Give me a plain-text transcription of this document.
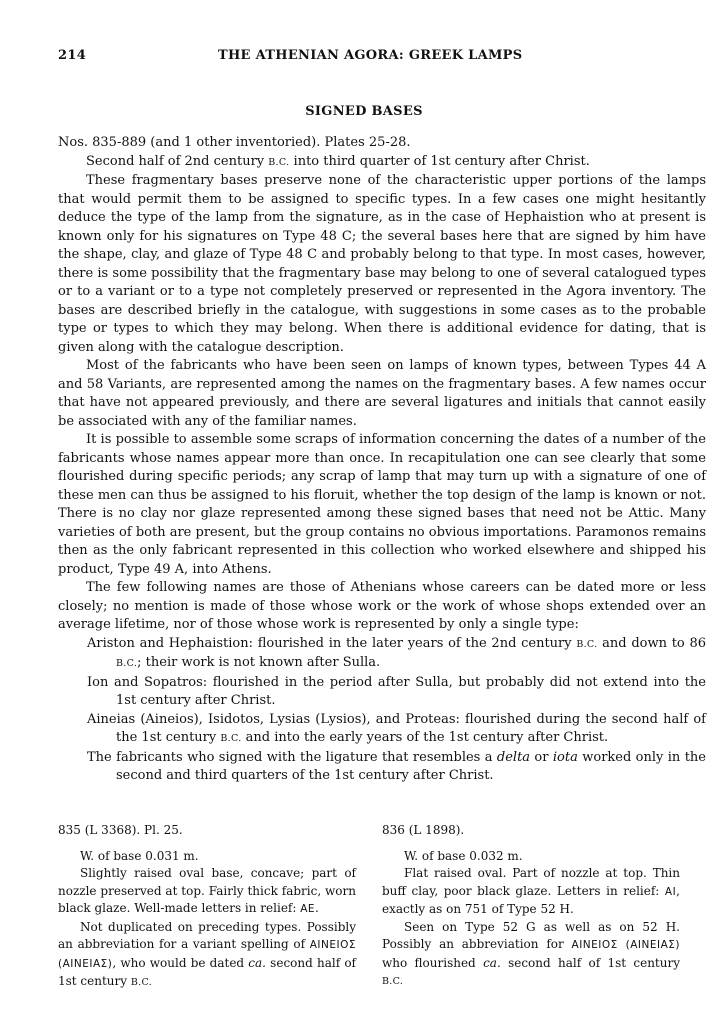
214	THE ATHENIAN AGORA: GREEK LAMPS
SIGNED BASES

Nos. 835-889 (and 1 other inventoried). Plates 25-28.

Second half of 2nd century B.C. into third quarter of 1st century after Christ.

These fragmentary bases preserve none of the characteristic upper portions of the lamps that would permit them to be assigned to specific types. In a few cases one might hesitantly deduce the type of the lamp from the signature, as in the case of Hephaistion who at present is known only for his signatures on Type 48 C; the several bases here that are signed by him have the shape, clay, and glaze of Type 48 C and probably belong to that type. In most cases, however, there is some possibility that the fragmentary base may belong to one of several catalogued types or to a variant or to a type not completely preserved or represented in the Agora inventory. The bases are described briefly in the catalogue, with suggestions in some cases as to the probable type or types to which they may belong. When there is additional evidence for dating, that is given along with the catalogue description.

Most of the fabricants who have been seen on lamps of known types, between Types 44 A and 58 Variants, are represented among the names on the fragmentary bases. A few names occur that have not appeared previously, and there are several ligatures and initials that cannot easily be associated with any of the familiar names.

It is possible to assemble some scraps of information concerning the dates of a number of the fabricants whose names appear more than once. In recapitulation one can see clearly that some flourished during specific periods; any scrap of lamp that may turn up with a signature of one of these men can thus be assigned to his floruit, whether the top design of the lamp is known or not. There is no clay nor glaze represented among these signed bases that need not be Attic. Many varieties of both are present, but the group contains no obvious importations. Paramonos remains then as the only fabricant represented in this collection who worked elsewhere and shipped his product, Type 49 A, into Athens.

The few following names are those of Athenians whose careers can be dated more or less closely; no mention is made of those whose work or the work of whose shops extended over an average lifetime, nor of those whose work is represented by only a single type:

Ariston and Hephaistion: flourished in the later years of the 2nd century B.C. and down to 86 B.C.; their work is not known after Sulla.

Ion and Sopatros: flourished in the period after Sulla, but probably did not extend into the 1st century after Christ.

Aineias (Aineios), Isidotos, Lysias (Lysios), and Proteas: flourished during the second half of the 1st century B.C. and into the early years of the 1st century after Christ.

The fabricants who signed with the ligature that resembles a delta or iota worked only in the second and third quarters of the 1st century after Christ.

835 (L 3368). Pl. 25.

W. of base 0.031 m.

Slightly raised oval base, concave; part of nozzle preserved at top. Fairly thick fabric, worn black glaze. Well-made letters in relief: ΑΕ.

Not duplicated on preceding types. Possibly an abbreviation for a variant spelling of ΑΙΝΕΙΟΣ (ΑΙΝΕΙΑΣ), who would be dated ca. second half of 1st century B.C.

836 (L 1898).

W. of base 0.032 m.

Flat raised oval. Part of nozzle at top. Thin buff clay, poor black glaze. Letters in relief: ΑΙ, exactly as on 751 of Type 52 H.

Seen on Type 52 G as well as on 52 H. Possibly an abbreviation for ΑΙΝΕΙΟΣ (ΑΙΝΕΙΑΣ) who flourished ca. second half of 1st century B.C.
